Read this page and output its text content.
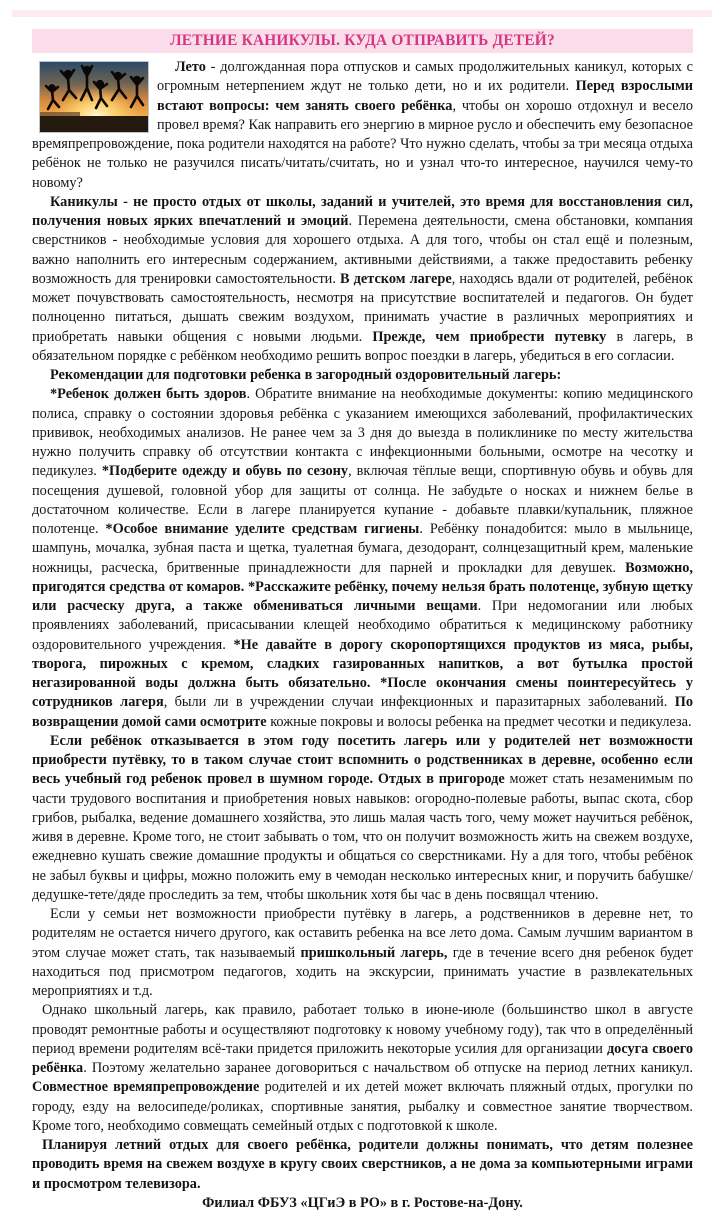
ЛЕТНИЕ КАНИКУЛЫ. КУДА ОТПРАВИТЬ ДЕТЕЙ?

Лето - долгожданная пора отпусков и самых продолжительных каникул, которых с огромным нетерпением ждут не только дети, но и их родители. Перед взрослыми встают вопросы: чем занять своего ребёнка, чтобы он хорошо отдохнул и весело провел время? Как направить его энергию в мирное русло и обеспечить ему безопасное времяпрепровождение, пока родители находятся на работе? Что нужно сделать, чтобы за три месяца отдыха ребёнок не только не разучился писать/читать/считать, но и узнал что-то интересное, научился чему-то новому?

Каникулы - не просто отдых от школы, заданий и учителей, это время для восстановления сил, получения новых ярких впечатлений и эмоций. Перемена деятельности, смена обстановки, компания сверстников - необходимые условия для хорошего отдыха. А для того, чтобы он стал ещё и полезным, важно наполнить его интересным содержанием, активными действиями, а также предоставить ребенку возможность для тренировки самостоятельности. В детском лагере, находясь вдали от родителей, ребёнок может почувствовать самостоятельность, несмотря на присутствие воспитателей и педагогов. Он будет полноценно питаться, дышать свежим воздухом, принимать участие в различных мероприятиях и приобретать навыки общения с новыми людьми. Прежде, чем приобрести путевку в лагерь, в обязательном порядке с ребёнком необходимо решить вопрос поездки в лагерь, убедиться в его согласии.

Рекомендации для подготовки ребенка в загородный оздоровительный лагерь:

*Ребенок должен быть здоров. Обратите внимание на необходимые документы: копию медицинского полиса, справку о состоянии здоровья ребёнка с указанием имеющихся заболеваний, профилактических прививок, необходимых анализов. Не ранее чем за 3 дня до выезда в поликлинике по месту жительства нужно получить справку об отсутствии контакта с инфекционными больными, осмотре на чесотку и педикулез. *Подберите одежду и обувь по сезону, включая тёплые вещи, спортивную обувь и обувь для посещения душевой, головной убор для защиты от солнца. Не забудьте о носках и нижнем белье в достаточном количестве. Если в лагере планируется купание - добавьте плавки/купальник, пляжное полотенце. *Особое внимание уделите средствам гигиены. Ребёнку понадобится: мыло в мыльнице, шампунь, мочалка, зубная паста и щетка, туалетная бумага, дезодорант, солнцезащитный крем, маленькие ножницы, расческа, бритвенные принадлежности для парней и прокладки для девушек. Возможно, пригодятся средства от комаров. *Расскажите ребёнку, почему нельзя брать полотенце, зубную щетку или расческу друга, а также обмениваться личными вещами. При недомогании или любых проявлениях заболеваний, присасывании клещей необходимо обратиться к медицинскому работнику оздоровительного учреждения. *Не давайте в дорогу скоропортящихся продуктов из мяса, рыбы, творога, пирожных с кремом, сладких газированных напитков, а вот бутылка простой негазированной воды должна быть обязательно. *После окончания смены поинтересуйтесь у сотрудников лагеря, были ли в учреждении случаи инфекционных и паразитарных заболеваний. По возвращении домой сами осмотрите кожные покровы и волосы ребенка на предмет чесотки и педикулеза.

Если ребёнок отказывается в этом году посетить лагерь или у родителей нет возможности приобрести путёвку, то в таком случае стоит вспомнить о родственниках в деревне, особенно если весь учебный год ребенок провел в шумном городе. Отдых в пригороде может стать незаменимым по части трудового воспитания и приобретения новых навыков: огородно-полевые работы, выпас скота, сбор грибов, рыбалка, ведение домашнего хозяйства, это лишь малая часть того, чему может научиться ребёнок, живя в деревне. Кроме того, не стоит забывать о том, что он получит возможность жить на свежем воздухе, ежедневно кушать свежие домашние продукты и общаться со сверстниками. Ну а для того, чтобы ребёнок не забыл буквы и цифры, можно положить ему в чемодан несколько интересных книг, и поручить бабушке/дедушке-тете/дяде проследить за тем, чтобы школьник хотя бы час в день посвящал чтению.

Если у семьи нет возможности приобрести путёвку в лагерь, а родственников в деревне нет, то родителям не остается ничего другого, как оставить ребенка на все лето дома. Самым лучшим вариантом в этом случае может стать, так называемый пришкольный лагерь, где в течение всего дня ребенок будет находиться под присмотром педагогов, ходить на экскурсии, принимать участие в развлекательных мероприятиях и т.д.

Однако школьный лагерь, как правило, работает только в июне-июле (большинство школ в августе проводят ремонтные работы и осуществляют подготовку к новому учебному году), так что в определённый период времени родителям всё-таки придется приложить некоторые усилия для организации досуга своего ребёнка. Поэтому желательно заранее договориться с начальством об отпуске на период летних каникул. Совместное времяпрепровождение родителей и их детей может включать пляжный отдых, прогулки по городу, езду на велосипеде/роликах, спортивные занятия, рыбалку и совместное занятие творчеством. Кроме того, необходимо совмещать семейный отдых с подготовкой к школе.

Планируя летний отдых для своего ребёнка, родители должны понимать, что детям полезнее проводить время на свежем воздухе в кругу своих сверстников, а не дома за компьютерными играми и просмотром телевизора.

Филиал ФБУЗ «ЦГиЭ в РО» в г. Ростове-на-Дону.
